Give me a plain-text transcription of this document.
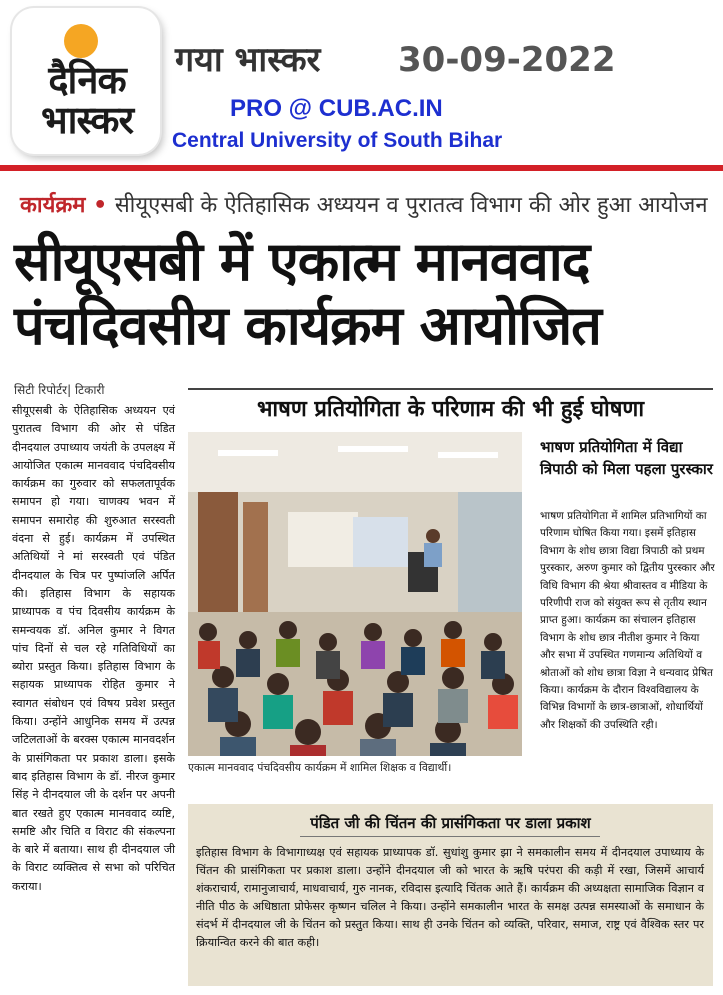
दैनिक भास्कर
गया भास्कर 30-09-2022
PRO @ CUB.AC.IN
Central University of South Bihar
कार्यक्रम • सीयूएसबी के ऐतिहासिक अध्ययन व पुरातत्व विभाग की ओर हुआ आयोजन
सीयूएसबी में एकात्म मानववाद पंचदिवसीय कार्यक्रम आयोजित
सिटी रिपोर्टर| टिकारी
सीयूएसबी के ऐतिहासिक अध्ययन एवं पुरातत्व विभाग की ओर से पंडित दीनदयाल उपाध्याय जयंती के उपलक्ष्य में आयोजित एकात्म मानववाद पंचदिवसीय कार्यक्रम का गुरुवार को सफलतापूर्वक समापन हो गया। चाणक्य भवन में समापन समारोह की शुरुआत सरस्वती वंदना से हुई। कार्यक्रम में उपस्थित अतिथियों ने मां सरस्वती एवं पंडित दीनदयाल के चित्र पर पुष्पांजलि अर्पित की। इतिहास विभाग के सहायक प्राध्यापक व पंच दिवसीय कार्यक्रम के समन्वयक डॉ. अनिल कुमार ने विगत पांच दिनों से चल रहे गतिविधियों का ब्योरा प्रस्तुत किया। इतिहास विभाग के सहायक प्राध्यापक रोहित कुमार ने स्वागत संबोधन एवं विषय प्रवेश प्रस्तुत किया। उन्होंने आधुनिक समय में उत्पन्न जटिलताओं के बरक्स एकात्म मानवदर्शन के प्रासंगिकता पर प्रकाश डाला। इसके बाद इतिहास विभाग के डॉ. नीरज कुमार सिंह ने दीनदयाल जी के दर्शन पर अपनी बात रखते हुए एकात्म मानववाद व्यष्टि, समष्टि और चिति व विराट की संकल्पना के बारे में बताया। साथ ही दीनदयाल जी के विराट व्यक्तित्व से सभा को परिचित कराया।
भाषण प्रतियोगिता के परिणाम की भी हुई घोषणा
एकात्म मानववाद पंचदिवसीय कार्यक्रम में शामिल शिक्षक व विद्यार्थी।
भाषण प्रतियोगिता में विद्या त्रिपाठी को मिला पहला पुरस्कार
भाषण प्रतियोगिता में शामिल प्रतिभागियों का परिणाम घोषित किया गया। इसमें इतिहास विभाग के शोध छात्रा विद्या त्रिपाठी को प्रथम पुरस्कार, अरुण कुमार को द्वितीय पुरस्कार और विधि विभाग की श्रेया श्रीवास्तव व मीडिया के परिणीपी राज को संयुक्त रूप से तृतीय स्थान प्राप्त हुआ। कार्यक्रम का संचालन इतिहास विभाग के शोध छात्र नीतीश कुमार ने किया और सभा में उपस्थित गणमान्य अतिथियों व श्रोताओं को शोध छात्रा विज्ञा ने धन्यवाद प्रेषित किया। कार्यक्रम के दौरान विश्वविद्यालय के विभिन्न विभागों के छात्र-छात्राओं, शोधार्थियों और शिक्षकों की उपस्थिति रही।
पंडित जी की चिंतन की प्रासंगिकता पर डाला प्रकाश
इतिहास विभाग के विभागाध्यक्ष एवं सहायक प्राध्यापक डॉ. सुधांशु कुमार झा ने समकालीन समय में दीनदयाल उपाध्याय के चिंतन की प्रासंगिकता पर प्रकाश डाला। उन्होंने दीनदयाल जी को भारत के ऋषि परंपरा की कड़ी में रखा, जिसमें आचार्य शंकराचार्य, रामानुजाचार्य, माधवाचार्य, गुरु नानक, रविदास इत्यादि चिंतक आते हैं। कार्यक्रम की अध्यक्षता सामाजिक विज्ञान व नीति पीठ के अधिष्ठाता प्रोफेसर कृष्णन चलिल ने किया। उन्होंने समकालीन भारत के समक्ष उत्पन्न समस्याओं के समाधान के संदर्भ में दीनदयाल जी के चिंतन को प्रस्तुत किया। साथ ही उनके चिंतन को व्यक्ति, परिवार, समाज, राष्ट्र एवं वैश्विक स्तर पर क्रियान्वित करने की बात कही।
